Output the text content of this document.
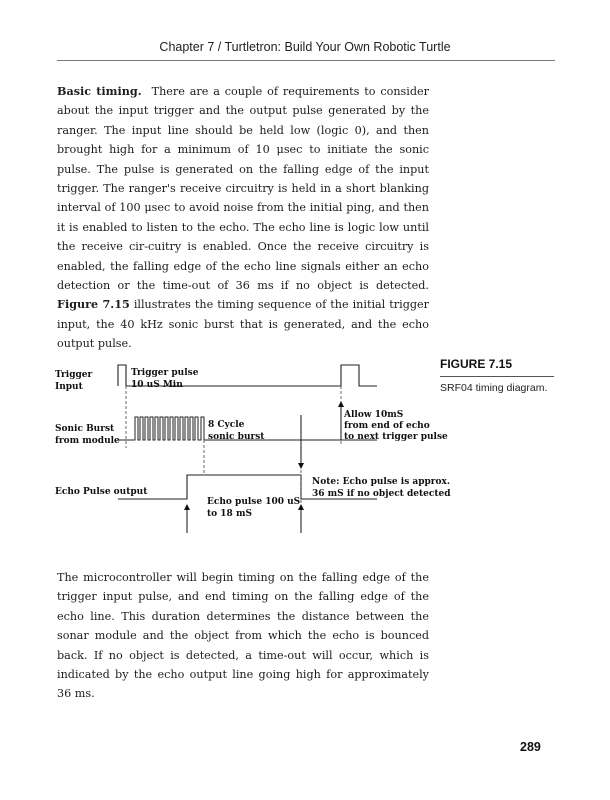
Chapter 7 / Turtletron: Build Your Own Robotic Turtle

Basic timing. There are a couple of requirements to consider about the input trigger and the output pulse generated by the ranger. The input line should be held low (logic 0), and then brought high for a minimum of 10 μsec to initiate the sonic pulse. The pulse is generated on the falling edge of the input trigger. The ranger's receive circuitry is held in a short blanking interval of 100 μsec to avoid noise from the initial ping, and then it is enabled to listen to the echo. The echo line is logic low until the receive cir-cuitry is enabled. Once the receive circuitry is enabled, the falling edge of the echo line signals either an echo detection or the time-out of 36 ms if no object is detected. Figure 7.15 illustrates the timing sequence of the initial trigger input, the 40 kHz sonic burst that is generated, and the echo output pulse.

FIGURE 7.15
SRF04 timing diagram.
Trigger
Input
Trigger pulse
10 uS Min
Sonic Burst
from module
8 Cycle
sonic burst
Allow 10mS
from end of echo
to next trigger pulse
Echo Pulse output
Echo pulse 100 uS
to 18 mS
Note: Echo pulse is approx.
36 mS if no object detected

The microcontroller will begin timing on the falling edge of the trigger input pulse, and end timing on the falling edge of the echo line. This duration determines the distance between the sonar module and the object from which the echo is bounced back. If no object is detected, a time-out will occur, which is indicated by the echo output line going high for approximately 36 ms.

289
